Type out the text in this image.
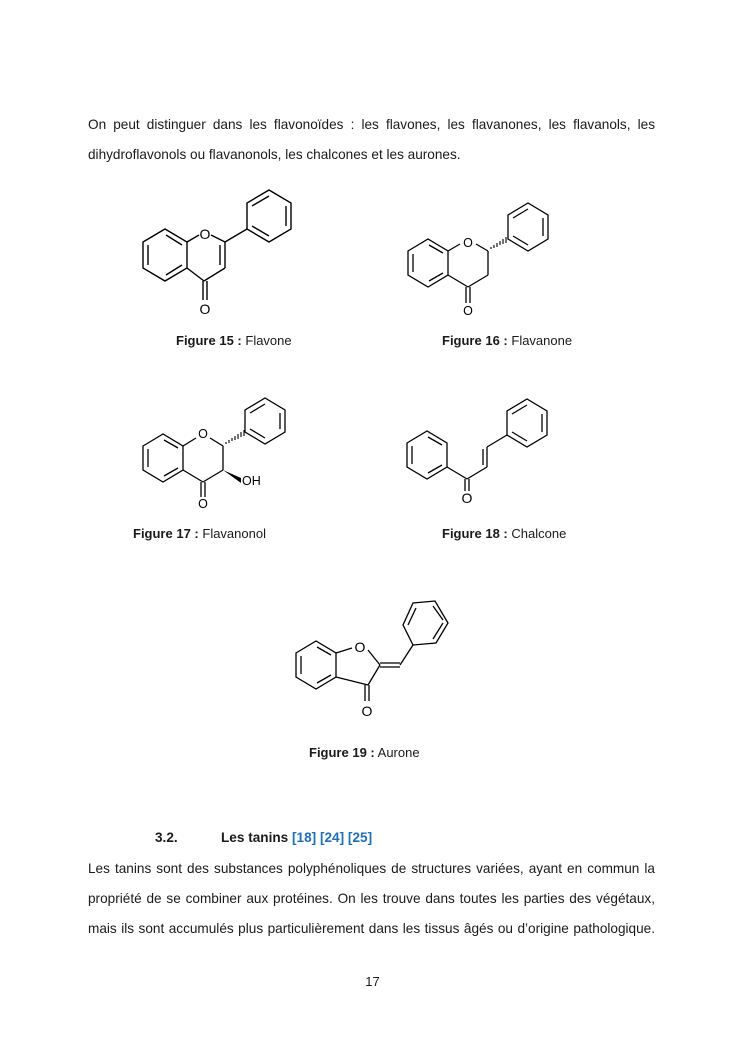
On peut distinguer dans les flavonoïdes : les flavones, les flavanones, les flavanols, les
dihydroflavonols ou flavanonols, les chalcones et les aurones.

O
O
Figure 15 : Flavone
O
O
Figure 16 : Flavanone
O
O
OH
Figure 17 : Flavanonol
O
Figure 18 : Chalcone
O
O
Figure 19 : Aurone
3.2.	Les tanins [18] [24] [25]

Les tanins sont des substances polyphénoliques de structures variées, ayant en commun la
propriété de se combiner aux protéines. On les trouve dans toutes les parties des végétaux,
mais ils sont accumulés plus particulièrement dans les tissus âgés ou d’origine pathologique.

17
